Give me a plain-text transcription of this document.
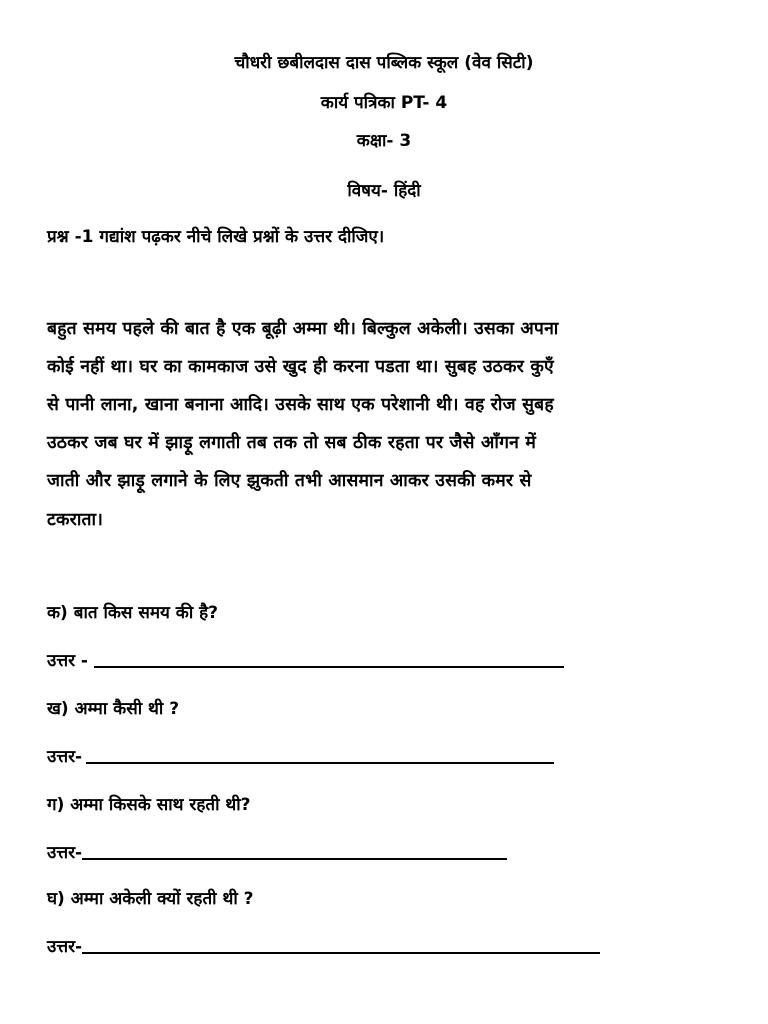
चौधरी छबीलदास दास पब्लिक स्कूल (वेव सिटी)
कार्य पत्रिका PT- 4
कक्षा- 3
विषय- हिंदी
प्रश्न -1 गद्यांश पढ़कर नीचे लिखे प्रश्नों के उत्तर दीजिए।
बहुत समय पहले की बात है एक बूढ़ी अम्मा थी। बिल्कुल अकेली। उसका अपना
कोई नहीं था। घर का कामकाज उसे खुद ही करना पडता था। सुबह उठकर कुएँ
से पानी लाना, खाना बनाना आदि। उसके साथ एक परेशानी थी। वह रोज सुबह
उठकर जब घर में झाड़ू लगाती तब तक तो सब ठीक रहता पर जैसे आँगन में
जाती और झाड़ू लगाने के लिए झुकती तभी आसमान आकर उसकी कमर से
टकराता।
क) बात किस समय की है?
उत्तर -
ख) अम्मा कैसी थी ?
उत्तर-
ग) अम्मा किसके साथ रहती थी?
उत्तर-
घ) अम्मा अकेली क्यों रहती थी ?
उत्तर-
